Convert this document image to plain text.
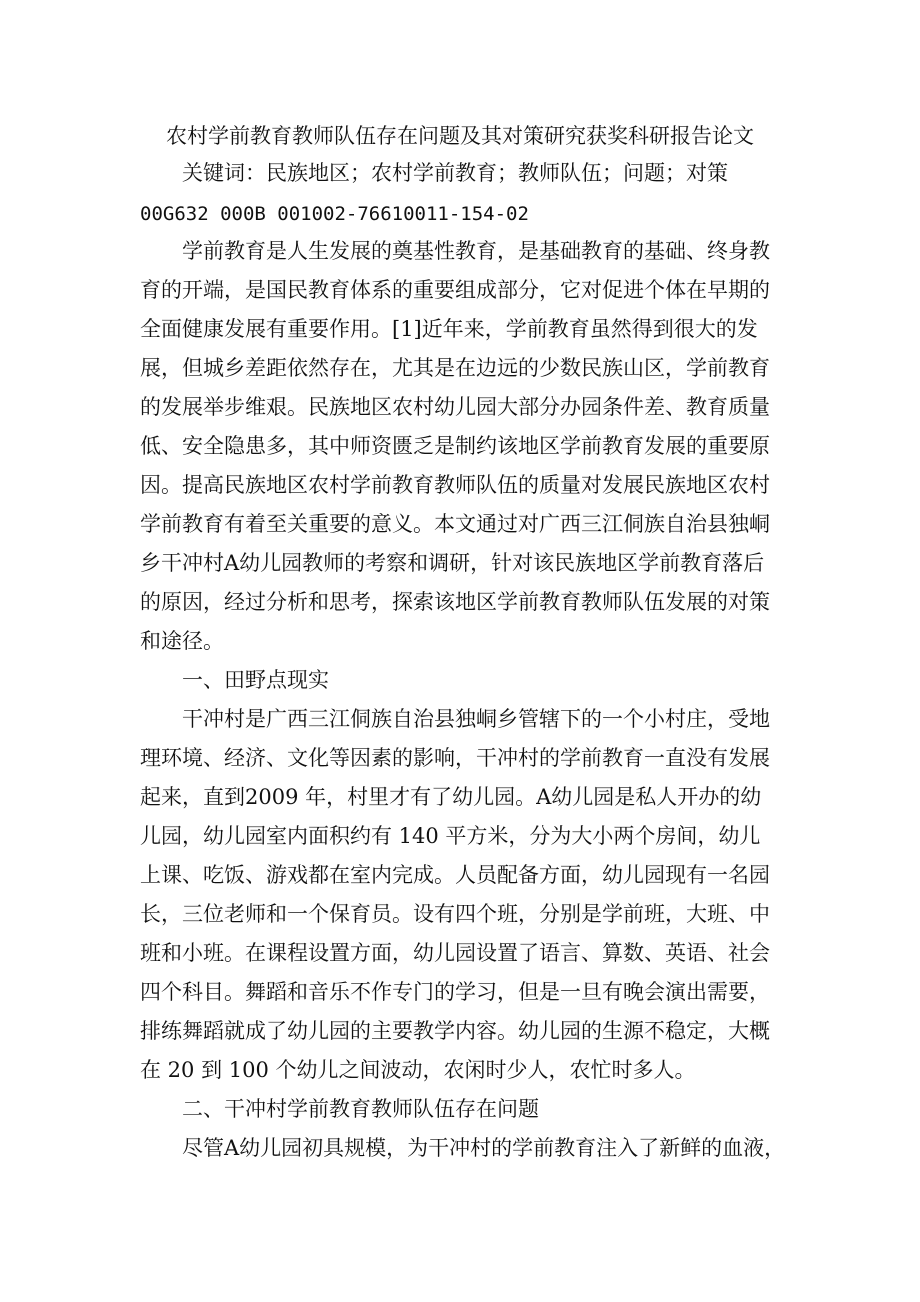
农村学前教育教师队伍存在问题及其对策研究获奖科研报告论文
关键词：民族地区；农村学前教育；教师队伍；问题；对策
00G632 000B 001002-76610011-154-02
学前教育是人生发展的奠基性教育，是基础教育的基础、终身教
育的开端，是国民教育体系的重要组成部分，它对促进个体在早期的
全面健康发展有重要作用。[1]近年来，学前教育虽然得到很大的发
展，但城乡差距依然存在，尤其是在边远的少数民族山区，学前教育
的发展举步维艰。民族地区农村幼儿园大部分办园条件差、教育质量
低、安全隐患多，其中师资匮乏是制约该地区学前教育发展的重要原
因。提高民族地区农村学前教育教师队伍的质量对发展民族地区农村
学前教育有着至关重要的意义。本文通过对广西三江侗族自治县独峒
乡干冲村A幼儿园教师的考察和调研，针对该民族地区学前教育落后
的原因，经过分析和思考，探索该地区学前教育教师队伍发展的对策
和途径。
一、田野点现实
干冲村是广西三江侗族自治县独峒乡管辖下的一个小村庄，受地
理环境、经济、文化等因素的影响，干冲村的学前教育一直没有发展
起来，直到2009 年，村里才有了幼儿园。A幼儿园是私人开办的幼
儿园，幼儿园室内面积约有 140 平方米，分为大小两个房间，幼儿
上课、吃饭、游戏都在室内完成。人员配备方面，幼儿园现有一名园
长，三位老师和一个保育员。设有四个班，分别是学前班，大班、中
班和小班。在课程设置方面，幼儿园设置了语言、算数、英语、社会
四个科目。舞蹈和音乐不作专门的学习，但是一旦有晚会演出需要，
排练舞蹈就成了幼儿园的主要教学内容。幼儿园的生源不稳定，大概
在 20 到 100 个幼儿之间波动，农闲时少人，农忙时多人。
二、干冲村学前教育教师队伍存在问题
尽管A幼儿园初具规模，为干冲村的学前教育注入了新鲜的血液，
